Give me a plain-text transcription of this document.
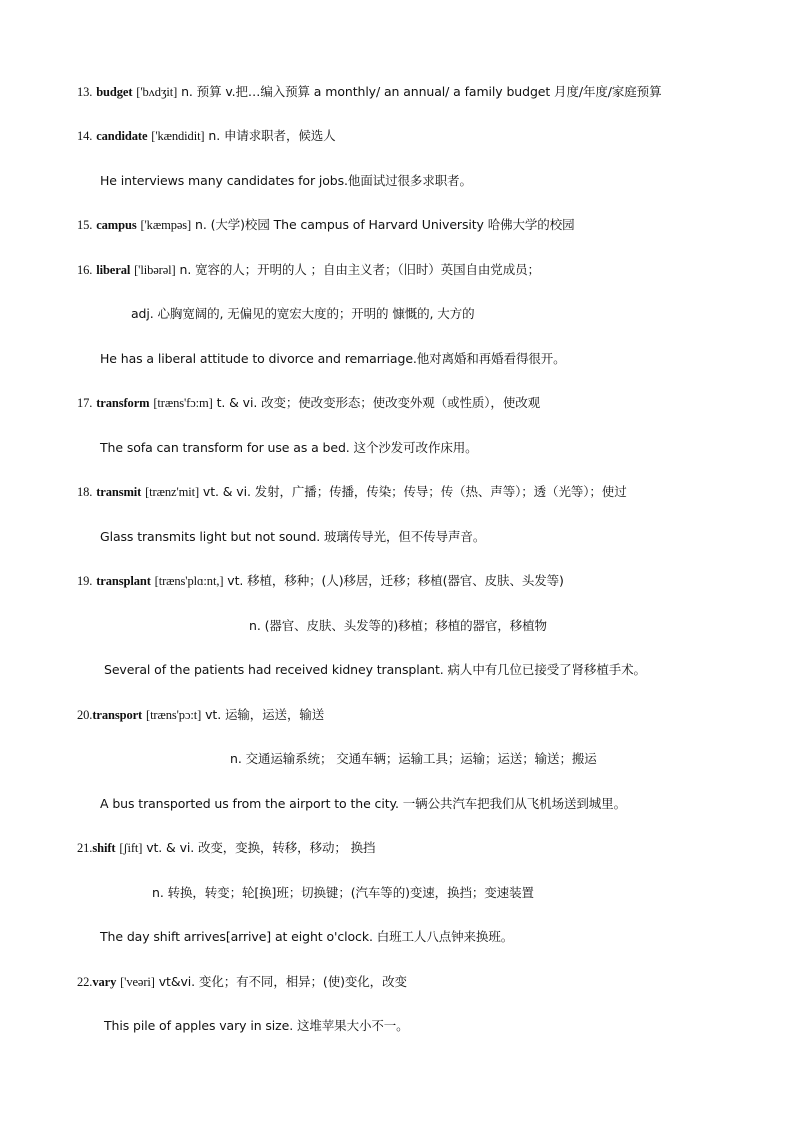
13. budget ['bʌdʒit] n. 预算 v.把…编入预算 a monthly/ an annual/ a family budget 月度/年度/家庭预算
14. candidate ['kændidit] n. 申请求职者，候选人
He interviews many candidates for jobs.他面试过很多求职者。
15. campus ['kæmpəs] n. (大学)校园 The campus of Harvard University 哈佛大学的校园
16. liberal ['libərəl] n. 宽容的人；开明的人 ；自由主义者；（旧时）英国自由党成员；
adj. 心胸宽阔的, 无偏见的宽宏大度的；开明的 慷慨的, 大方的
He has a liberal attitude to divorce and remarriage.他对离婚和再婚看得很开。
17. transform [træns'fɔ:m] t. & vi. 改变；使改变形态；使改变外观（或性质），使改观
The sofa can transform for use as a bed. 这个沙发可改作床用。
18. transmit [trænz'mit] vt. & vi. 发射，广播；传播，传染；传导；传（热、声等）；透（光等）；使过
Glass transmits light but not sound. 玻璃传导光，但不传导声音。
19. transplant [træns'plɑ:nt,] vt. 移植，移种；(人)移居，迁移；移植(器官、皮肤、头发等)
n. (器官、皮肤、头发等的)移植；移植的器官，移植物
Several of the patients had received kidney transplant. 病人中有几位已接受了肾移植手术。
20.transport [træns'pɔ:t] vt. 运输，运送，输送
n. 交通运输系统； 交通车辆；运输工具；运输；运送；输送；搬运
A bus transported us from the airport to the city. 一辆公共汽车把我们从飞机场送到城里。
21.shift [ʃift] vt. & vi. 改变，变换，转移，移动； 换挡
n. 转换，转变；轮[换]班；切换键；(汽车等的)变速，换挡；变速装置
The day shift arrives[arrive] at eight o'clock. 白班工人八点钟来换班。
22.vary ['veəri] vt&vi. 变化；有不同，相异；(使)变化，改变
This pile of apples vary in size. 这堆苹果大小不一。
